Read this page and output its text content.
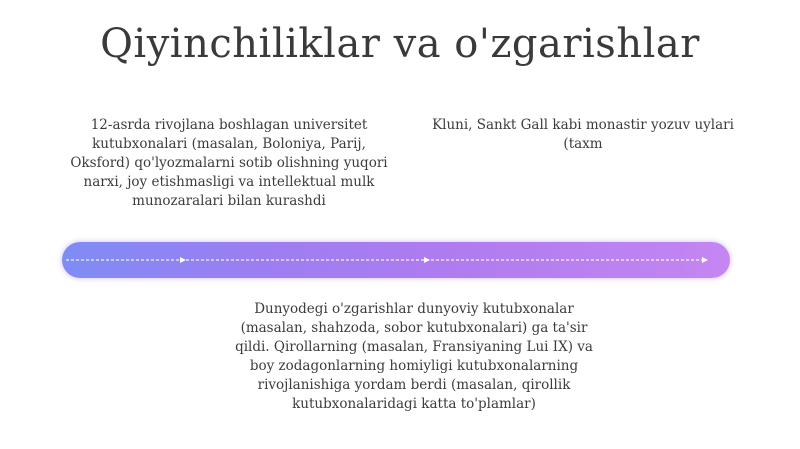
Qiyinchiliklar va o'zgarishlar
12-asrda rivojlana boshlagan universitet kutubxonalari (masalan, Boloniya, Parij, Oksford) qo'lyozmalarni sotib olishning yuqori narxi, joy etishmasligi va intellektual mulk munozaralari bilan kurashdi
Kluni, Sankt Gall kabi monastir yozuv uylari (taxm
Dunyodegi o'zgarishlar dunyoviy kutubxonalar (masalan, shahzoda, sobor kutubxonalari) ga ta'sir qildi. Qirollarning (masalan, Fransiyaning Lui IX) va boy zodagonlarning homiyligi kutubxonalarning rivojlanishiga yordam berdi (masalan, qirollik kutubxonalaridagi katta to'plamlar)
